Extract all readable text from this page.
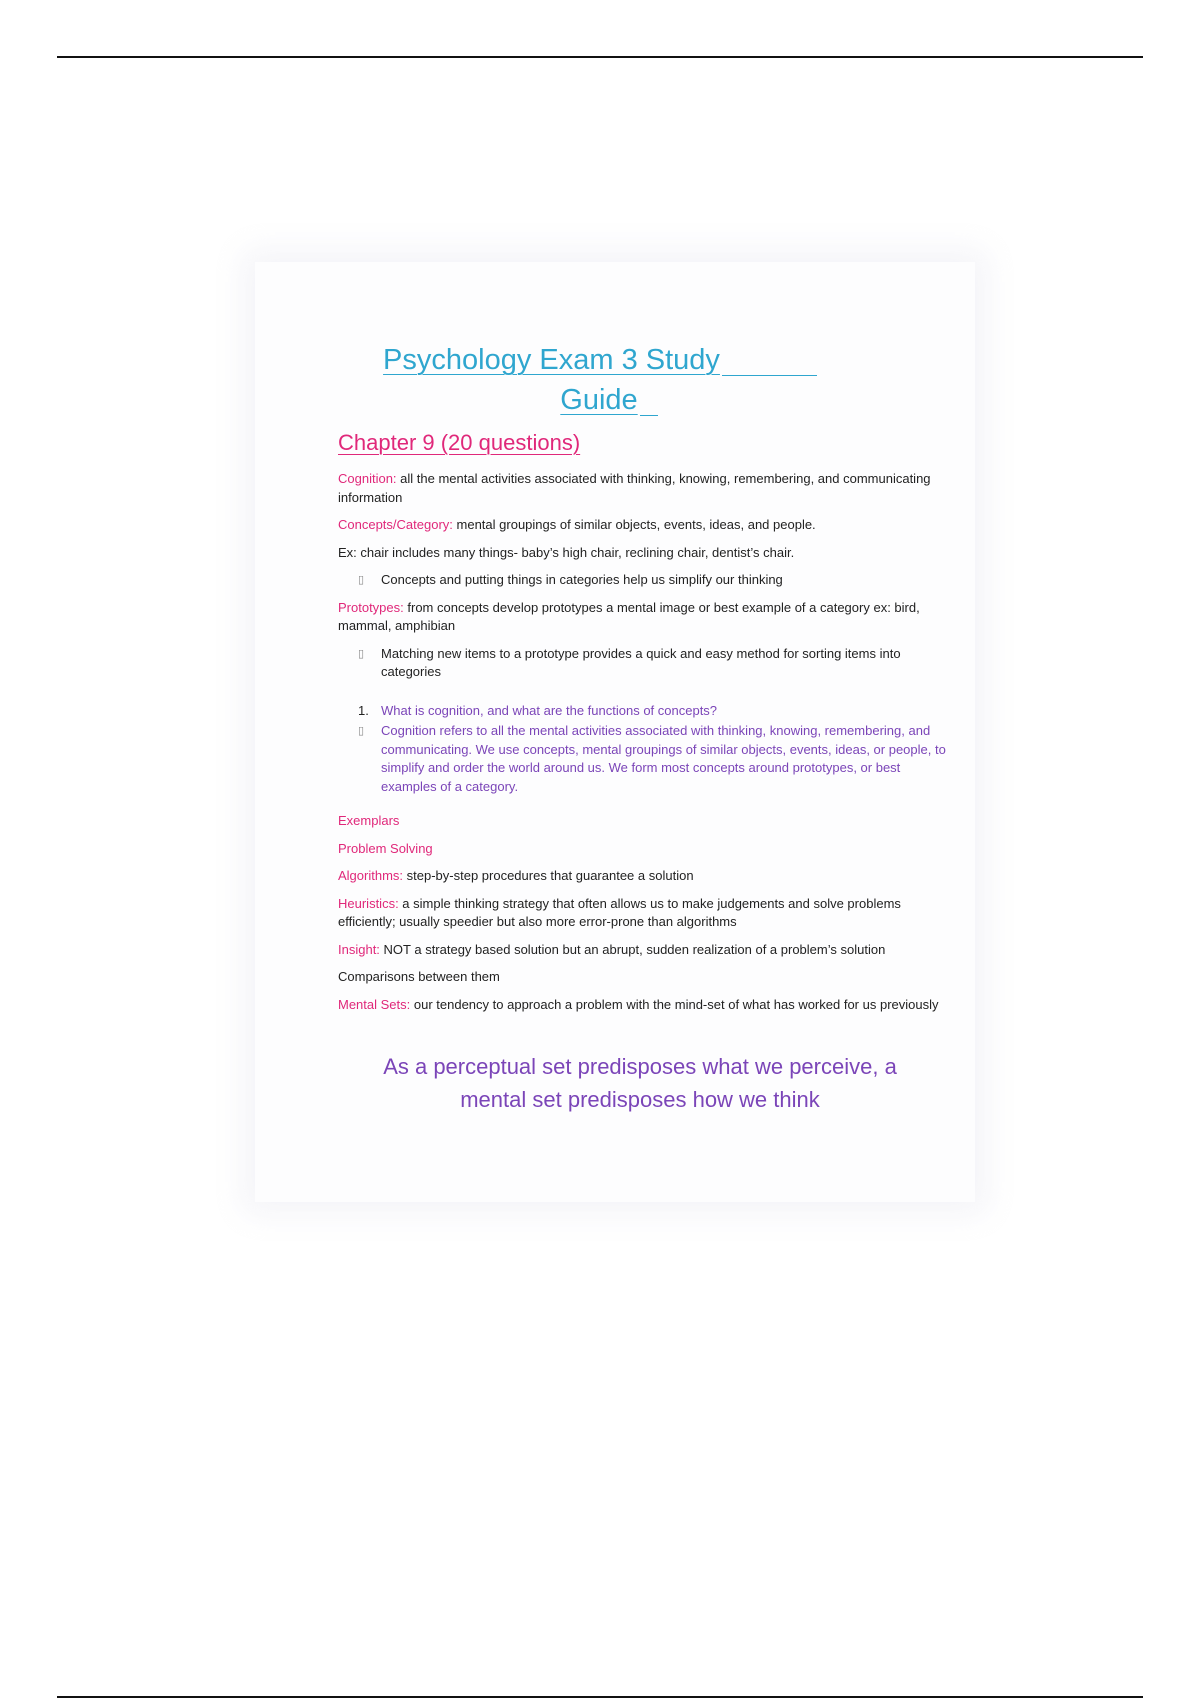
Psychology Exam 3 Study
Guide
Chapter 9 (20 questions)

Cognition: all the mental activities associated with thinking, knowing, remembering, and communicating information

Concepts/Category: mental groupings of similar objects, events, ideas, and people.

Ex: chair includes many things- baby’s high chair, reclining chair, dentist’s chair.

▯ Concepts and putting things in categories help us simplify our thinking

Prototypes: from concepts develop prototypes a mental image or best example of a category ex: bird, mammal, amphibian

▯ Matching new items to a prototype provides a quick and easy method for sorting items into categories
1. What is cognition, and what are the functions of concepts?
▯ Cognition refers to all the mental activities associated with thinking, knowing, remembering, and communicating. We use concepts, mental groupings of similar objects, events, ideas, or people, to simplify and order the world around us. We form most concepts around prototypes, or best examples of a category.

Exemplars

Problem Solving

Algorithms: step-by-step procedures that guarantee a solution

Heuristics: a simple thinking strategy that often allows us to make judgements and solve problems efficiently; usually speedier but also more error-prone than algorithms

Insight: NOT a strategy based solution but an abrupt, sudden realization of a problem’s solution

Comparisons between them

Mental Sets: our tendency to approach a problem with the mind-set of what has worked for us previously

As a perceptual set predisposes what we perceive, a
mental set predisposes how we think
